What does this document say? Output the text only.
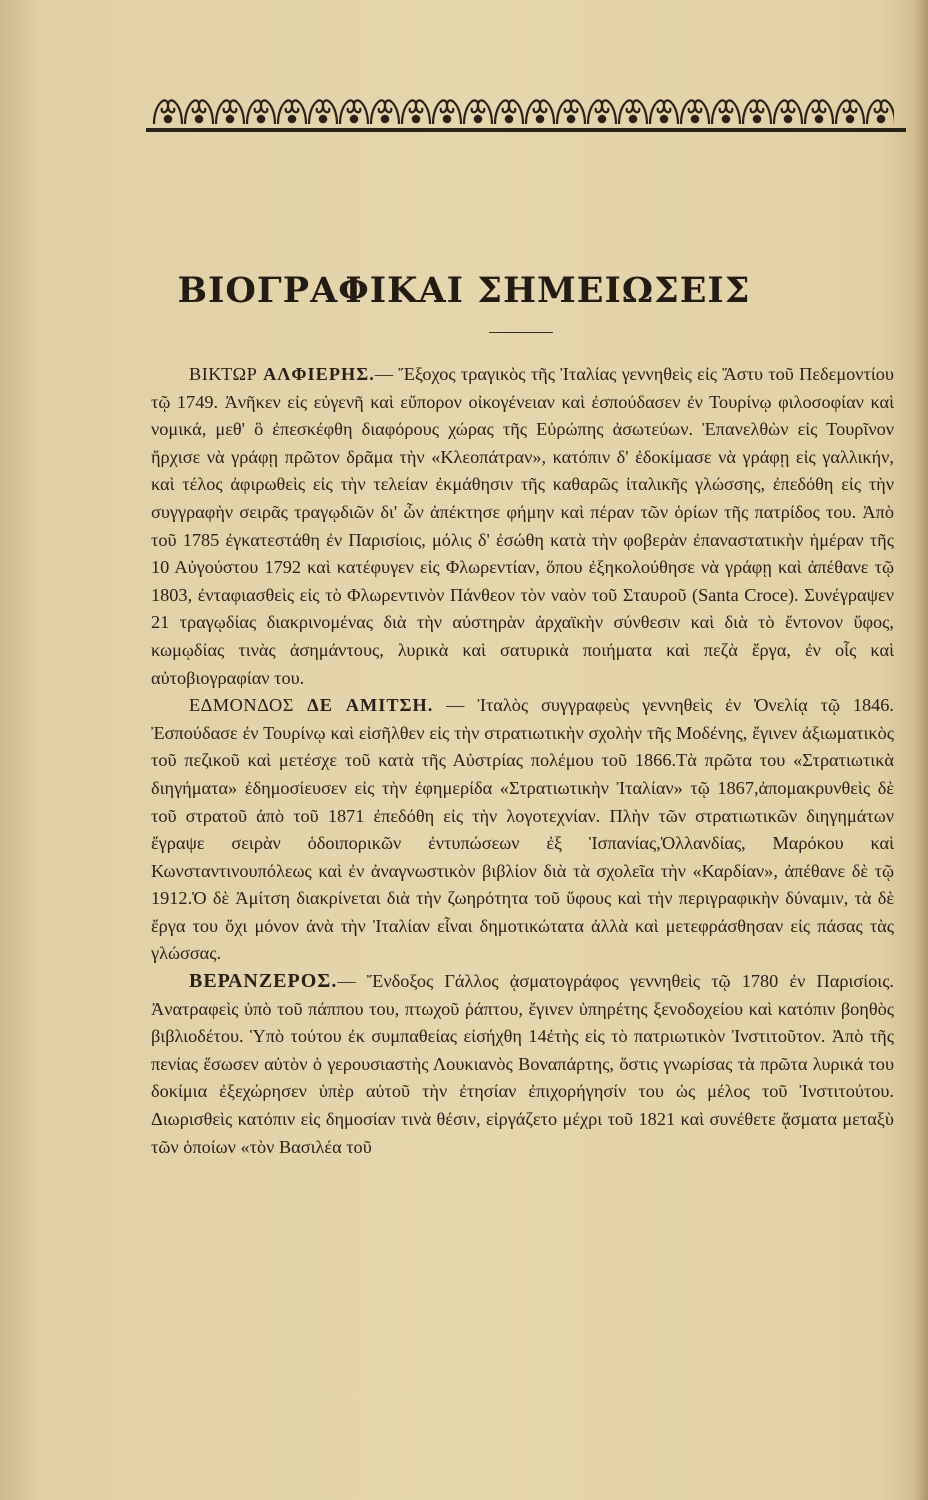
ΒΙΟΓΡΑΦΙΚΑΙ ΣΗΜΕΙΩΣΕΙΣ

ΒΙΚΤΩΡ ΑΛΦΙΕΡΗΣ.— Ἔξοχος τραγικὸς τῆς Ἰταλίας γεννηθεὶς εἰς Ἄστυ τοῦ Πεδεμοντίου τῷ 1749. Ἀνῆκεν εἰς εὐγενῆ καὶ εὔπορον οἰκογένειαν καὶ ἐσπούδασεν ἐν Τουρίνῳ φιλοσοφίαν καὶ νομικά, μεθ' ὃ ἐπεσκέφθη διαφόρους χώρας τῆς Εὐρώπης ἀσωτεύων. Ἐπανελθὼν εἰς Τουρῖνον ἤρχισε νὰ γράφῃ πρῶτον δρᾶμα τὴν «Κλεοπάτραν», κατόπιν δ' ἐδοκίμασε νὰ γράφῃ εἰς γαλλικήν, καὶ τέλος ἀφιρωθεὶς εἰς τὴν τελείαν ἐκμάθησιν τῆς καθαρῶς ἰταλικῆς γλώσσης, ἐπεδόθη εἰς τὴν συγγραφὴν σειρᾶς τραγῳδιῶν δι' ὧν ἀπέκτησε φήμην καὶ πέραν τῶν ὁρίων τῆς πατρίδος του. Ἀπὸ τοῦ 1785 ἐγκατεστάθη ἐν Παρισίοις, μόλις δ' ἐσώθη κατὰ τὴν φοβερὰν ἐπαναστατικὴν ἡμέραν τῆς 10 Αὐγούστου 1792 καὶ κατέφυγεν εἰς Φλωρεντίαν, ὅπου ἐξηκολούθησε νὰ γράφῃ καὶ ἀπέθανε τῷ 1803, ἐνταφιασθεὶς εἰς τὸ Φλωρεντινὸν Πάνθεον τὸν ναὸν τοῦ Σταυροῦ (Santa Croce). Συνέγραψεν 21 τραγῳδίας διακρινομένας διὰ τὴν αὐστηρὰν ἀρχαϊκὴν σύνθεσιν καὶ διὰ τὸ ἔντονον ὕφος, κωμῳδίας τινὰς ἀσημάντους, λυρικὰ καὶ σατυρικὰ ποιήματα καὶ πεζὰ ἔργα, ἐν οἷς καὶ αὐτοβιογραφίαν του.

ΕΔΜΟΝΔΟΣ ΔΕ ΑΜΙΤΣΗ. — Ἰταλὸς συγγραφεὺς γεννηθεὶς ἐν Ὀνελίᾳ τῷ 1846. Ἐσπούδασε ἐν Τουρίνῳ καὶ εἰσῆλθεν εἰς τὴν στρατιωτικὴν σχολὴν τῆς Μοδένης, ἔγινεν ἀξιωματικὸς τοῦ πεζικοῦ καὶ μετέσχε τοῦ κατὰ τῆς Αὐστρίας πολέμου τοῦ 1866.Τὰ πρῶτα του «Στρατιωτικὰ διηγήματα» ἐδημοσίευσεν εἰς τὴν ἐφημερίδα «Στρατιωτικὴν Ἰταλίαν» τῷ 1867,ἀπομακρυνθεὶς δὲ τοῦ στρατοῦ ἀπὸ τοῦ 1871 ἐπεδόθη εἰς τὴν λογοτεχνίαν. Πλὴν τῶν στρατιωτικῶν διηγημάτων ἔγραψε σειρὰν ὁδοιπορικῶν ἐντυπώσεων ἐξ Ἱσπανίας,Ὁλλανδίας, Μαρόκου καὶ Κωνσταντινουπόλεως καὶ ἐν ἀναγνωστικὸν βιβλίον διὰ τὰ σχολεῖα τὴν «Καρδίαν», ἀπέθανε δὲ τῷ 1912.Ὁ δὲ Ἀμίτση διακρίνεται διὰ τὴν ζωηρότητα τοῦ ὕφους καὶ τὴν περιγραφικὴν δύναμιν, τὰ δὲ ἔργα του ὄχι μόνον ἀνὰ τὴν Ἰταλίαν εἶναι δημοτικώτατα ἀλλὰ καὶ μετεφράσθησαν εἰς πάσας τὰς γλώσσας.

ΒΕΡΑΝΖΕΡΟΣ.— Ἔνδοξος Γάλλος ᾀσματογράφος γεννηθεὶς τῷ 1780 ἐν Παρισίοις. Ἀνατραφεὶς ὑπὸ τοῦ πάππου του, πτωχοῦ ῥάπτου, ἔγινεν ὑπηρέτης ξενοδοχείου καὶ κατόπιν βοηθὸς βιβλιοδέτου. Ὑπὸ τούτου ἐκ συμπαθείας εἰσήχθη 14ἐτὴς εἰς τὸ πατριωτικὸν Ἰνστιτοῦτον. Ἀπὸ τῆς πενίας ἔσωσεν αὐτὸν ὁ γερουσιαστὴς Λουκιανὸς Βοναπάρτης, ὅστις γνωρίσας τὰ πρῶτα λυρικά του δοκίμια ἐξεχώρησεν ὑπὲρ αὐτοῦ τὴν ἐτησίαν ἐπιχορήγησίν του ὡς μέλος τοῦ Ἰνστιτούτου. Διωρισθεὶς κατόπιν εἰς δημοσίαν τινὰ θέσιν, εἰργάζετο μέχρι τοῦ 1821 καὶ συνέθετε ᾄσματα μεταξὺ τῶν ὁποίων «τὸν Βασιλέα τοῦ
